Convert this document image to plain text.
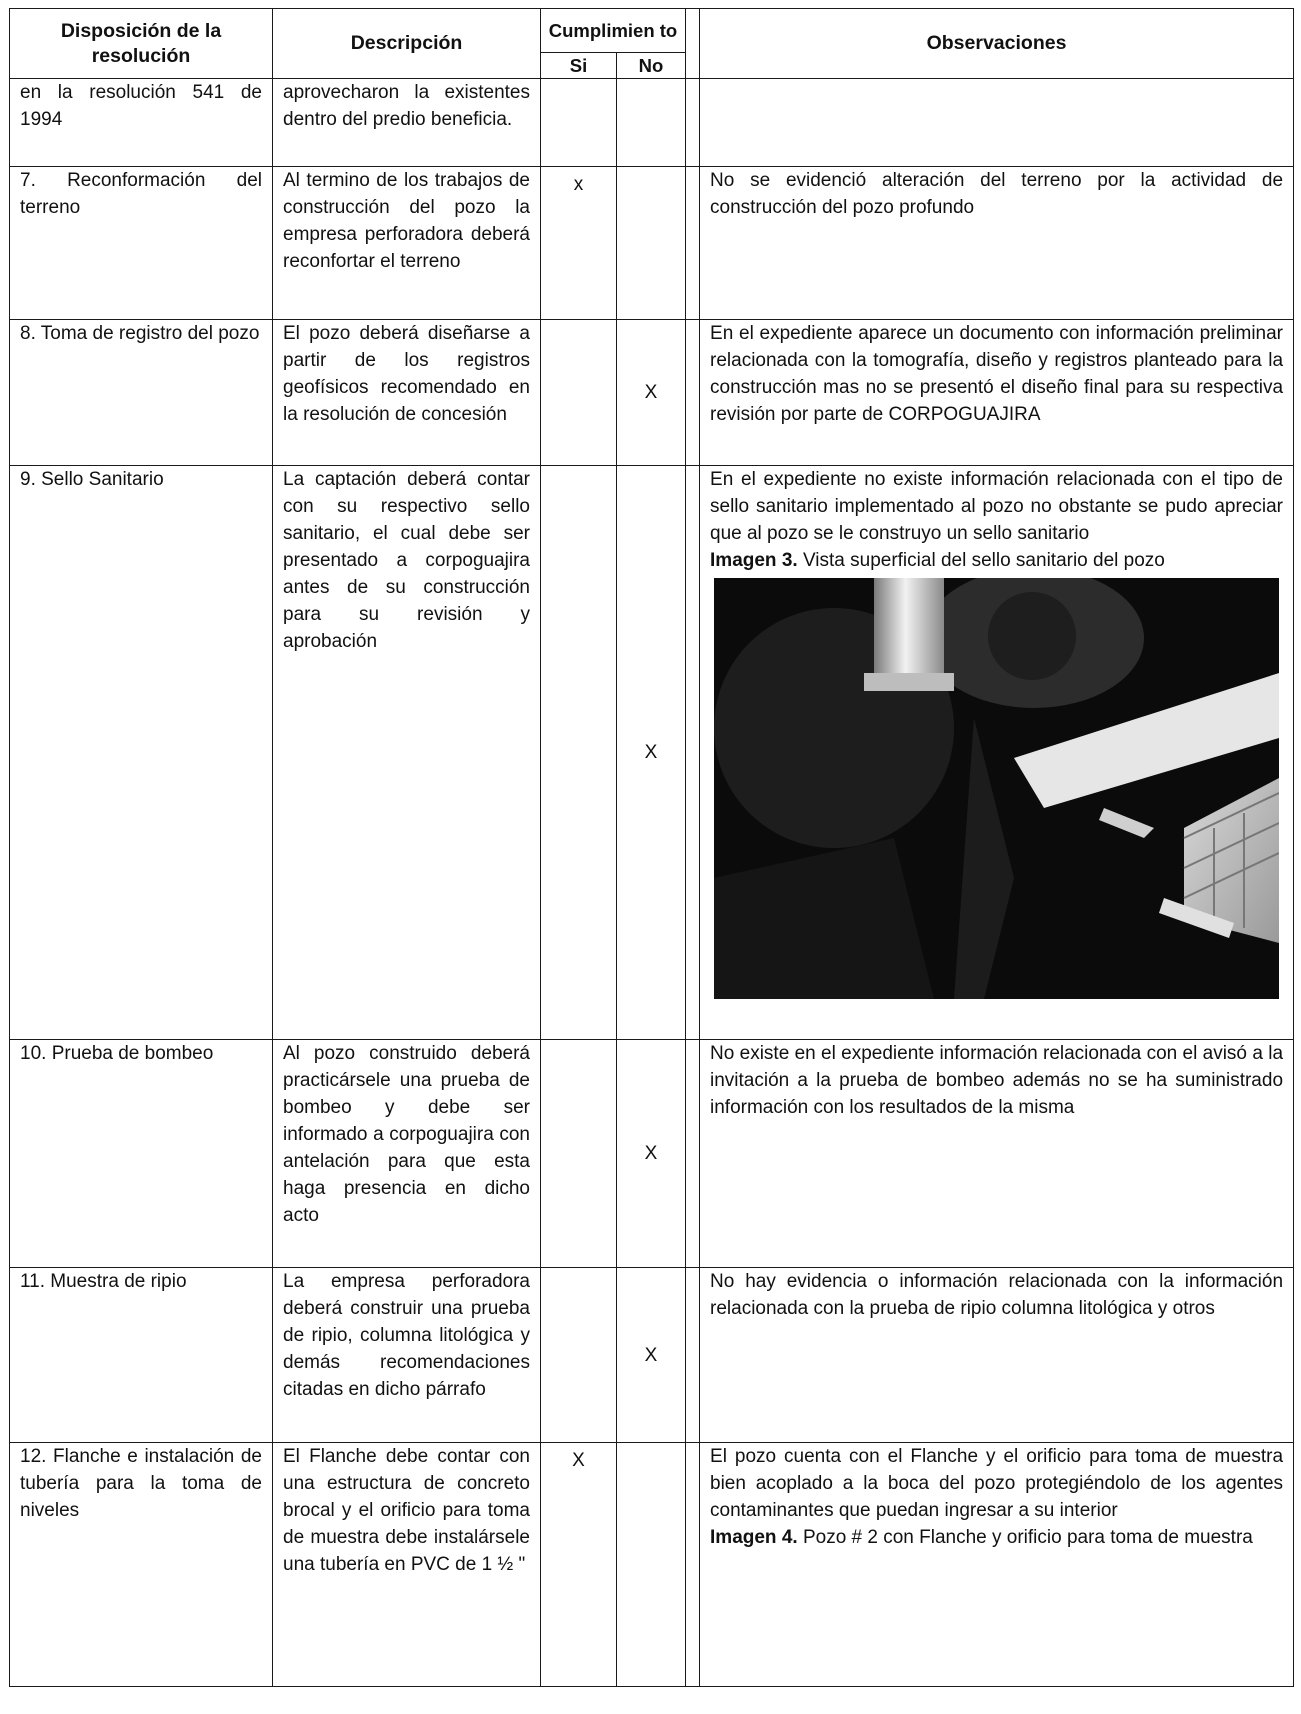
Disposición de la resolución	Descripción	Cumplimien to			Observaciones
		Si	No		
en la resolución 541 de 1994	aprovecharon la existentes dentro del predio beneficia.				
7. Reconformación del terreno	Al termino de los trabajos de construcción del pozo la empresa perforadora deberá reconfortar el terreno	x			No se evidenció alteración del terreno por la actividad de construcción del pozo profundo
8. Toma de registro del pozo	El pozo deberá diseñarse a partir de los registros geofísicos recomendado en la resolución de concesión		X		En el expediente aparece un documento con información preliminar relacionada con la tomografía, diseño y registros planteado para la construcción mas no se presentó el diseño final para su respectiva revisión por parte de CORPOGUAJIRA
9. Sello Sanitario	La captación deberá contar con su respectivo sello sanitario, el cual debe ser presentado a corpoguajira antes de su construcción para su revisión y aprobación		X		En el expediente no existe información relacionada con el tipo de sello sanitario implementado al pozo no obstante se pudo apreciar que al pozo se le construyo un sello sanitario
Imagen 3. Vista superficial del sello sanitario del pozo

10. Prueba de bombeo	Al pozo construido deberá practicársele una prueba de bombeo y debe ser informado a corpoguajira con antelación para que esta haga presencia en dicho acto		X		No existe en el expediente información relacionada con el avisó a la invitación a la prueba de bombeo además no se ha suministrado información con los resultados de la misma
11. Muestra de ripio	La empresa perforadora deberá construir una prueba de ripio, columna litológica y demás recomendaciones citadas en dicho párrafo		X		No hay evidencia o información relacionada con la información relacionada con la prueba de ripio columna litológica y otros
12. Flanche e instalación de tubería para la toma de niveles	El Flanche debe contar con una estructura de concreto brocal y el orificio para toma de muestra debe instalársele una tubería en PVC de 1 ½ "	X			El pozo cuenta con el Flanche y el orificio para toma de muestra bien acoplado a la boca del pozo protegiéndolo de los agentes contaminantes que puedan ingresar a su interior
Imagen 4. Pozo # 2 con Flanche y orificio para toma de muestra
